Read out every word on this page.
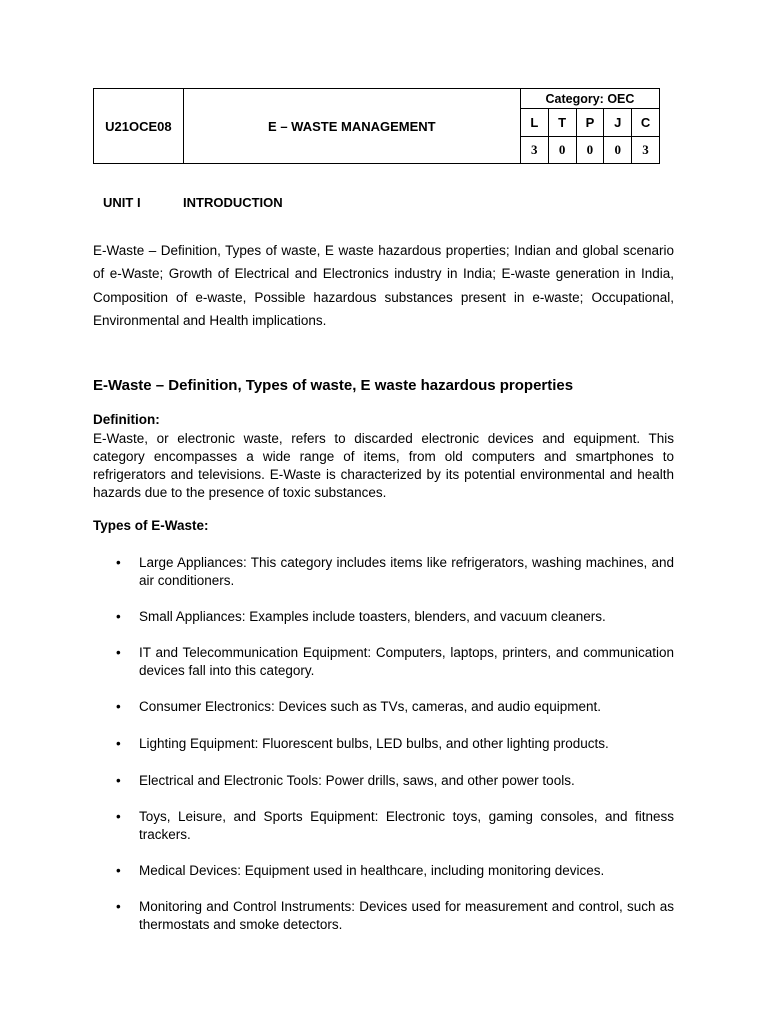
U21OCE08	E – WASTE MANAGEMENT	Category: OEC				
		L	T	P	J	C
		3	0	0	0	3
UNIT I	INTRODUCTION

E-Waste – Definition, Types of waste, E waste hazardous properties; Indian and global scenario of e-Waste; Growth of Electrical and Electronics industry in India; E-waste generation in India, Composition of e-waste, Possible hazardous substances present in e-waste; Occupational, Environmental and Health implications.

E-Waste – Definition, Types of waste, E waste hazardous properties

Definition:

E-Waste, or electronic waste, refers to discarded electronic devices and equipment. This category encompasses a wide range of items, from old computers and smartphones to refrigerators and televisions. E-Waste is characterized by its potential environmental and health hazards due to the presence of toxic substances.

Types of E-Waste:

• Large Appliances: This category includes items like refrigerators, washing machines, and air conditioners.
• Small Appliances: Examples include toasters, blenders, and vacuum cleaners.
• IT and Telecommunication Equipment: Computers, laptops, printers, and communication devices fall into this category.
• Consumer Electronics: Devices such as TVs, cameras, and audio equipment.
• Lighting Equipment: Fluorescent bulbs, LED bulbs, and other lighting products.
• Electrical and Electronic Tools: Power drills, saws, and other power tools.
• Toys, Leisure, and Sports Equipment: Electronic toys, gaming consoles, and fitness trackers.
• Medical Devices: Equipment used in healthcare, including monitoring devices.
• Monitoring and Control Instruments: Devices used for measurement and control, such as thermostats and smoke detectors.
